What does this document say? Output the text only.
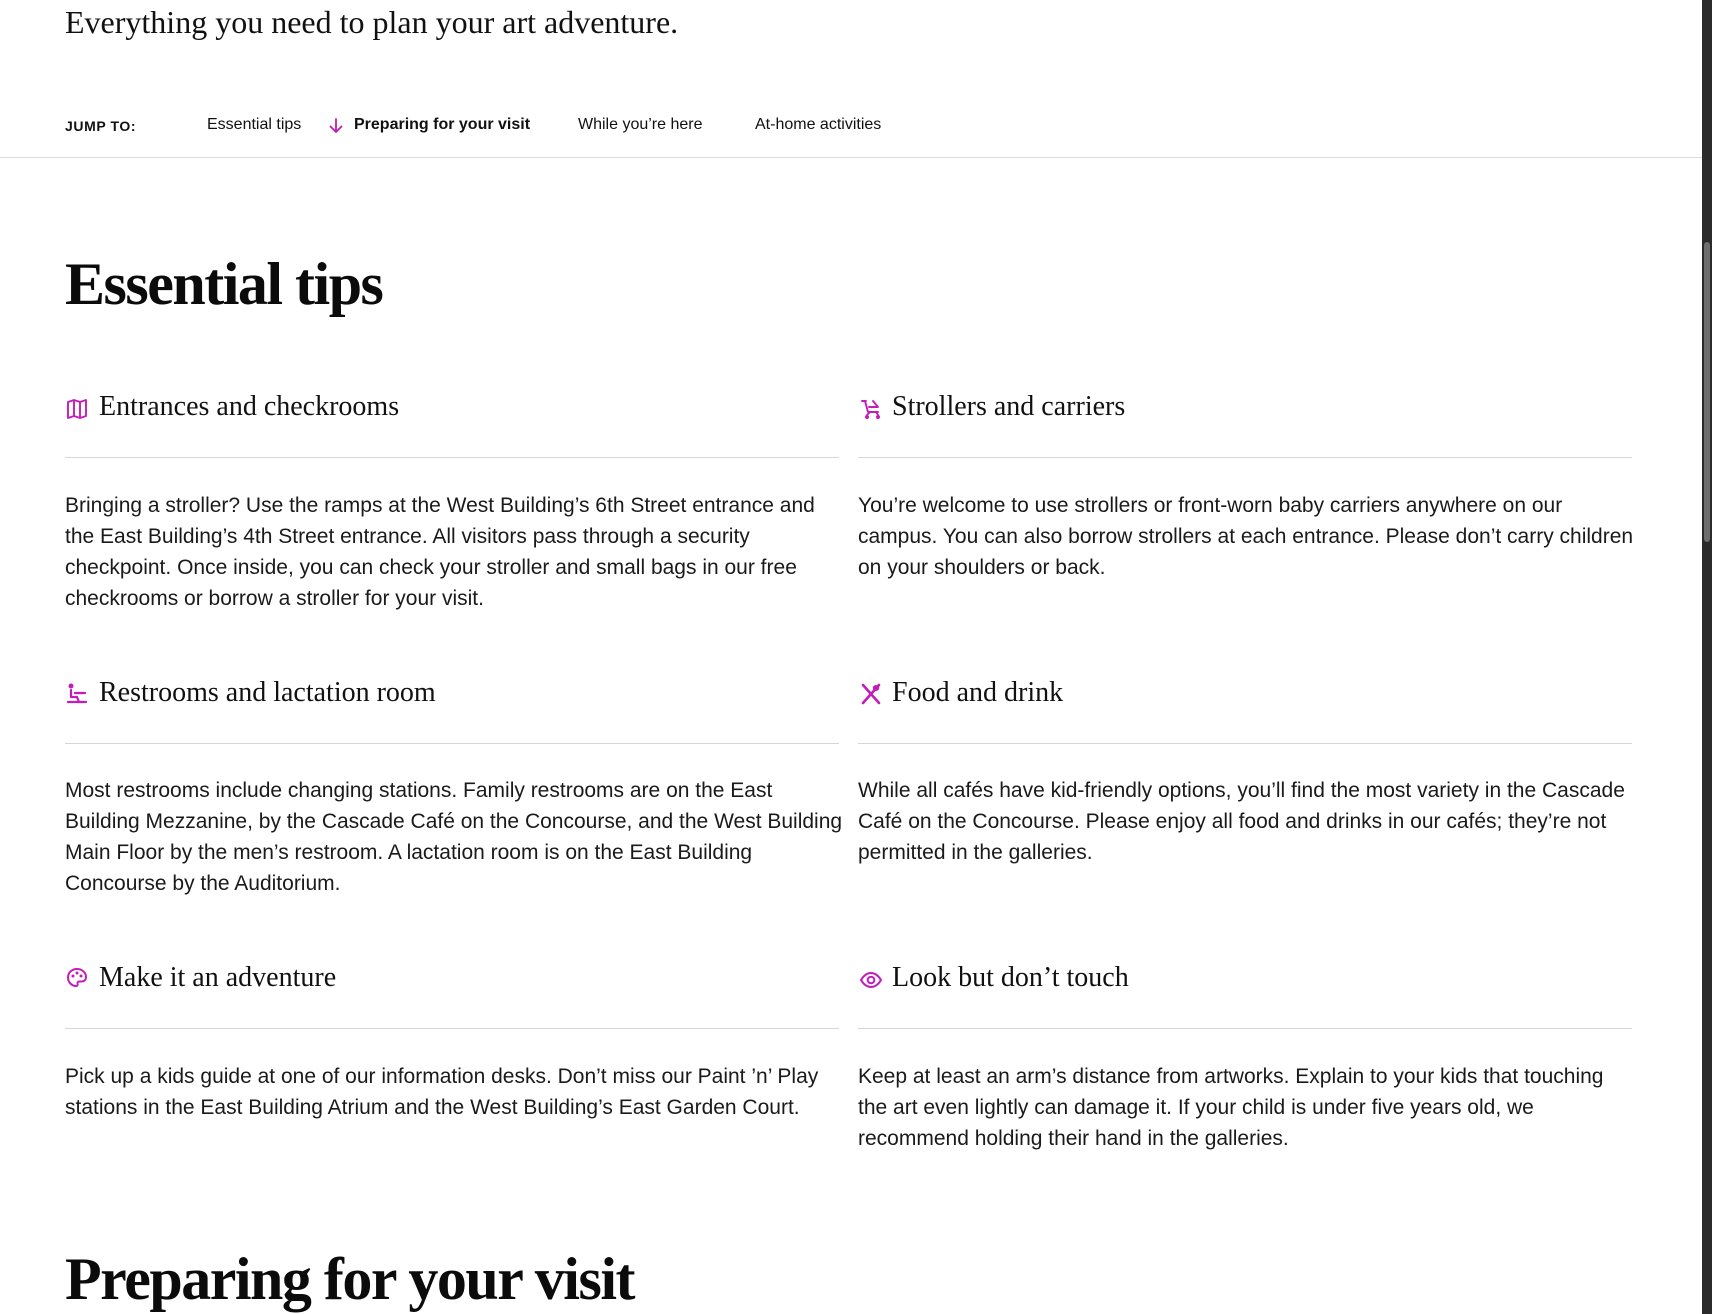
Everything you need to plan your art adventure.

JUMP TO:	Essential tips	Preparing for your visit	While you’re here	At-home activities
Essential tips
Entrances and checkrooms

Bringing a stroller? Use the ramps at the West Building’s 6th Street entrance and the East Building’s 4th Street entrance. All visitors pass through a security checkpoint. Once inside, you can check your stroller and small bags in our free checkrooms or borrow a stroller for your visit.

Strollers and carriers

You’re welcome to use strollers or front-worn baby carriers anywhere on our campus. You can also borrow strollers at each entrance. Please don’t carry children on your shoulders or back.

Restrooms and lactation room

Most restrooms include changing stations. Family restrooms are on the East Building Mezzanine, by the Cascade Café on the Concourse, and the West Building Main Floor by the men’s restroom. A lactation room is on the East Building Concourse by the Auditorium.

Food and drink

While all cafés have kid-friendly options, you’ll find the most variety in the Cascade Café on the Concourse. Please enjoy all food and drinks in our cafés; they’re not permitted in the galleries.

Make it an adventure

Pick up a kids guide at one of our information desks. Don’t miss our Paint ’n’ Play stations in the East Building Atrium and the West Building’s East Garden Court.

Look but don’t touch

Keep at least an arm’s distance from artworks. Explain to your kids that touching the art even lightly can damage it. If your child is under five years old, we recommend holding their hand in the galleries.

Preparing for your visit
